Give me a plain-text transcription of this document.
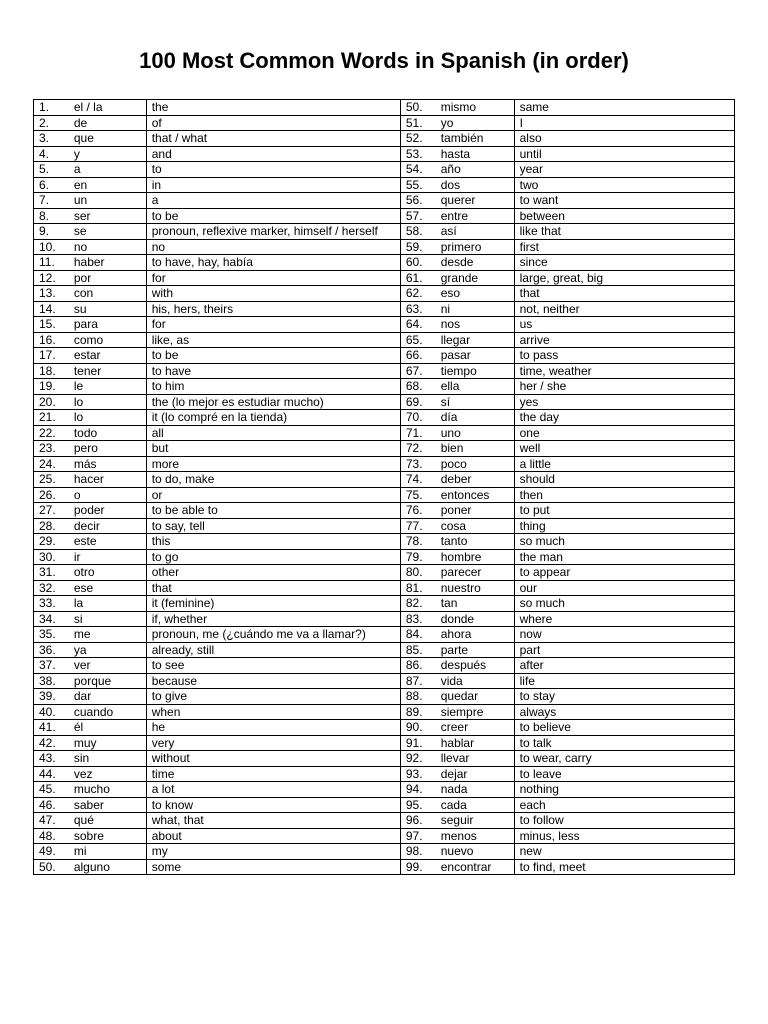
100 Most Common Words in Spanish (in order)
1.	el / la	the	50.	mismo	same
2.	de	of	51.	yo	I
3.	que	that / what	52.	también	also
4.	y	and	53.	hasta	until
5.	a	to	54.	año	year
6.	en	in	55.	dos	two
7.	un	a	56.	querer	to want
8.	ser	to be	57.	entre	between
9.	se	pronoun, reflexive marker, himself / herself	58.	así	like that
10.	no	no	59.	primero	first
11.	haber	to have, hay, había	60.	desde	since
12.	por	for	61.	grande	large, great, big
13.	con	with	62.	eso	that
14.	su	his, hers, theirs	63.	ni	not, neither
15.	para	for	64.	nos	us
16.	como	like, as	65.	llegar	arrive
17.	estar	to be	66.	pasar	to pass
18.	tener	to have	67.	tiempo	time, weather
19.	le	to him	68.	ella	her / she
20.	lo	the (lo mejor es estudiar mucho)	69.	sí	yes
21.	lo	it (lo compré en la tienda)	70.	día	the day
22.	todo	all	71.	uno	one
23.	pero	but	72.	bien	well
24.	más	more	73.	poco	a little
25.	hacer	to do, make	74.	deber	should
26.	o	or	75.	entonces	then
27.	poder	to be able to	76.	poner	to put
28.	decir	to say, tell	77.	cosa	thing
29.	este	this	78.	tanto	so much
30.	ir	to go	79.	hombre	the man
31.	otro	other	80.	parecer	to appear
32.	ese	that	81.	nuestro	our
33.	la	it (feminine)	82.	tan	so much
34.	si	if, whether	83.	donde	where
35.	me	pronoun, me (¿cuándo me va a llamar?)	84.	ahora	now
36.	ya	already, still	85.	parte	part
37.	ver	to see	86.	después	after
38.	porque	because	87.	vida	life
39.	dar	to give	88.	quedar	to stay
40.	cuando	when	89.	siempre	always
41.	él	he	90.	creer	to believe
42.	muy	very	91.	hablar	to talk
43.	sin	without	92.	llevar	to wear, carry
44.	vez	time	93.	dejar	to leave
45.	mucho	a lot	94.	nada	nothing
46.	saber	to know	95.	cada	each
47.	qué	what, that	96.	seguir	to follow
48.	sobre	about	97.	menos	minus, less
49.	mi	my	98.	nuevo	new
50.	alguno	some	99.	encontrar	to find, meet
